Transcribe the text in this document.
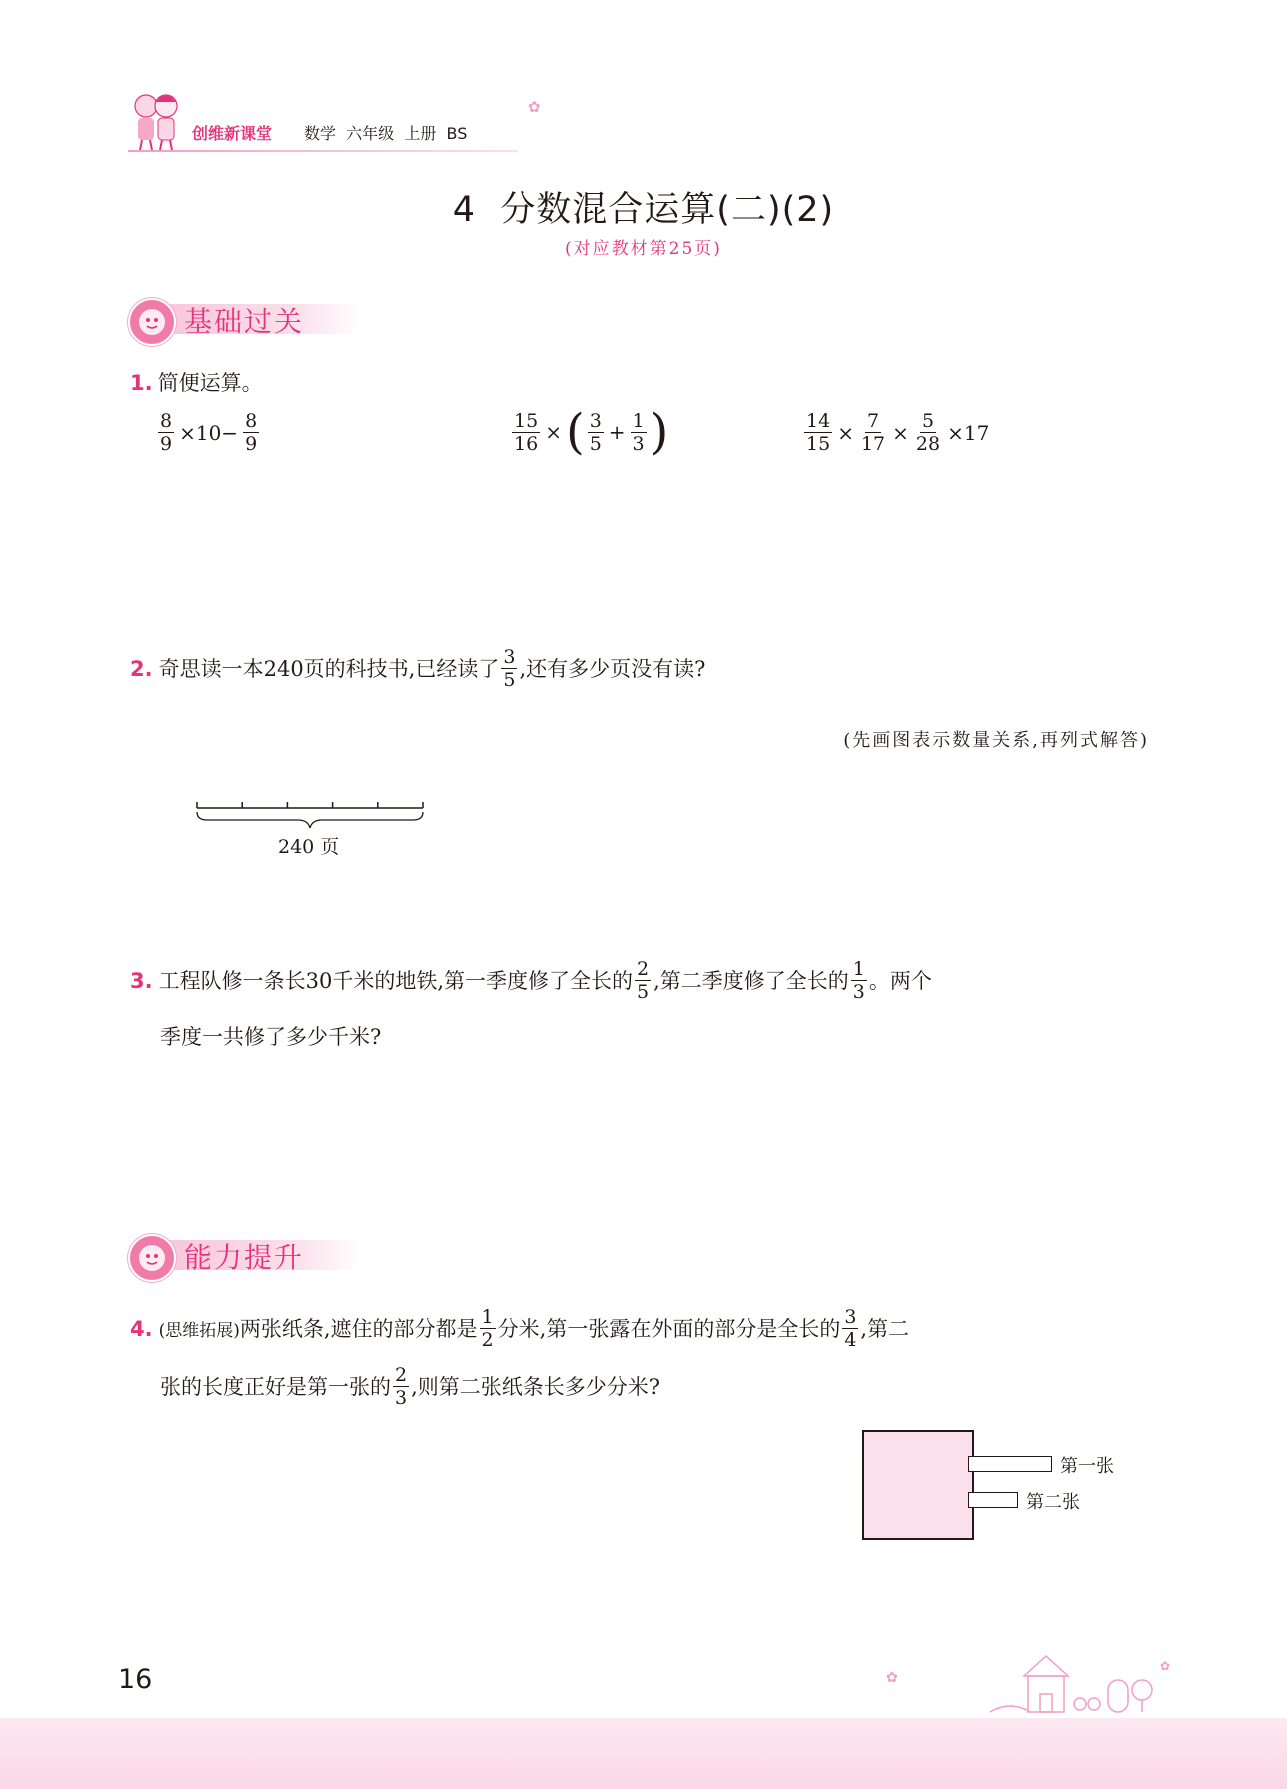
创维新课堂 数学  六年级  上册  BS
✿
4  分数混合运算(二)(2)
(对应教材第25页)
基础过关
1. 简便运算。
$\frac{8}{9} \times 10- \frac{8}{9}$	$\frac{15}{16}$ × ( $\frac{3}{5} + \frac{1}{3}$ )	$\frac{14}{15} \times \frac{7}{17} \times \frac{5}{28} \times 17$
2. 奇思读一本240页的科技书,已经读了 $\frac{3}{5}$ ,还有多少页没有读?
(先画图表示数量关系,再列式解答)
240 页
3. 工程队修一条长30千米的地铁,第一季度修了全长的 $\frac{2}{5}$ ,第二季度修了全长的 $\frac{1}{3}$ 。两个
季度一共修了多少千米?
能力提升
4. (思维拓展) 两张纸条,遮住的部分都是 $\frac{1}{2}$ 分米,第一张露在外面的部分是全长的 $\frac{3}{4}$ ,第二
张的长度正好是第一张的 $\frac{2}{3}$ ,则第二张纸条长多少分米?
第一张
第二张
16	✿
✿
